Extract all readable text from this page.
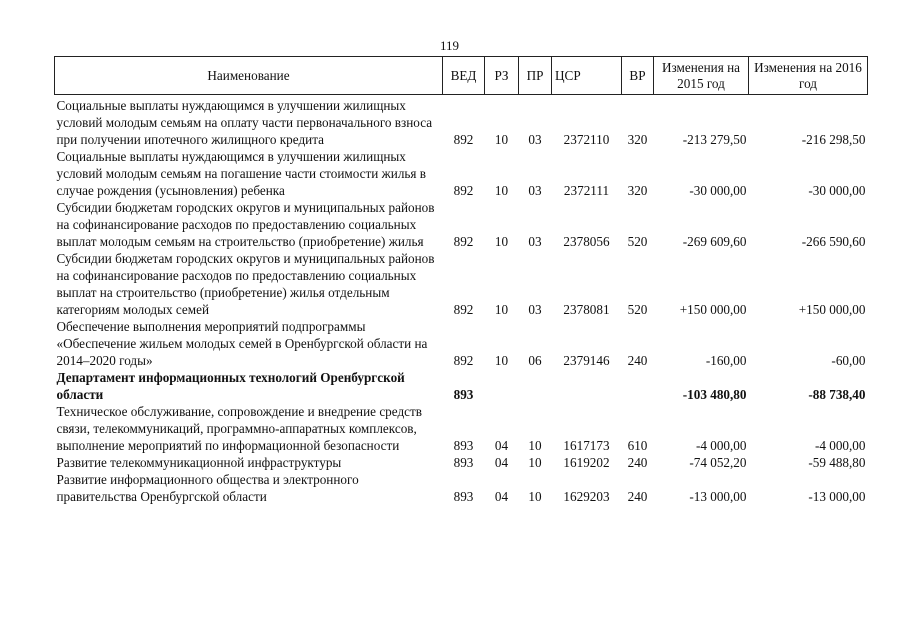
119
Наименование	ВЕД	РЗ	ПР	ЦСР	ВР	Изменения на 2015 год	Изменения на 2016 год
Социальные выплаты нуждающимся в улучшении жилищных условий молодым семьям на оплату части первоначального взноса при получении ипотечного жилищного кредита	892	10	03	2372110	320	-213 279,50	-216 298,50
Социальные выплаты нуждающимся в улучшении жилищных условий молодым семьям на погашение части стоимости жилья в случае рождения (усыновления) ребенка	892	10	03	2372111	320	-30 000,00	-30 000,00
Субсидии бюджетам городских округов и муниципальных районов на софинансирование расходов по предоставлению социальных выплат молодым семьям на строительство (приобретение) жилья	892	10	03	2378056	520	-269 609,60	-266 590,60
Субсидии бюджетам городских округов и муниципальных районов на софинансирование расходов по предоставлению социальных выплат на строительство (приобретение) жилья отдельным категориям молодых семей	892	10	03	2378081	520	+150 000,00	+150 000,00
Обеспечение выполнения мероприятий подпрограммы «Обеспечение жильем молодых семей в Оренбургской области на 2014–2020 годы»	892	10	06	2379146	240	-160,00	-60,00
Департамент информационных технологий Оренбургской области	893					-103 480,80	-88 738,40
Техническое обслуживание, сопровождение и внедрение средств связи, телекоммуникаций, программно-аппаратных комплексов, выполнение мероприятий по информационной безопасности	893	04	10	1617173	610	-4 000,00	-4 000,00
Развитие телекоммуникационной инфраструктуры	893	04	10	1619202	240	-74 052,20	-59 488,80
Развитие информационного общества и электронного правительства Оренбургской области	893	04	10	1629203	240	-13 000,00	-13 000,00
